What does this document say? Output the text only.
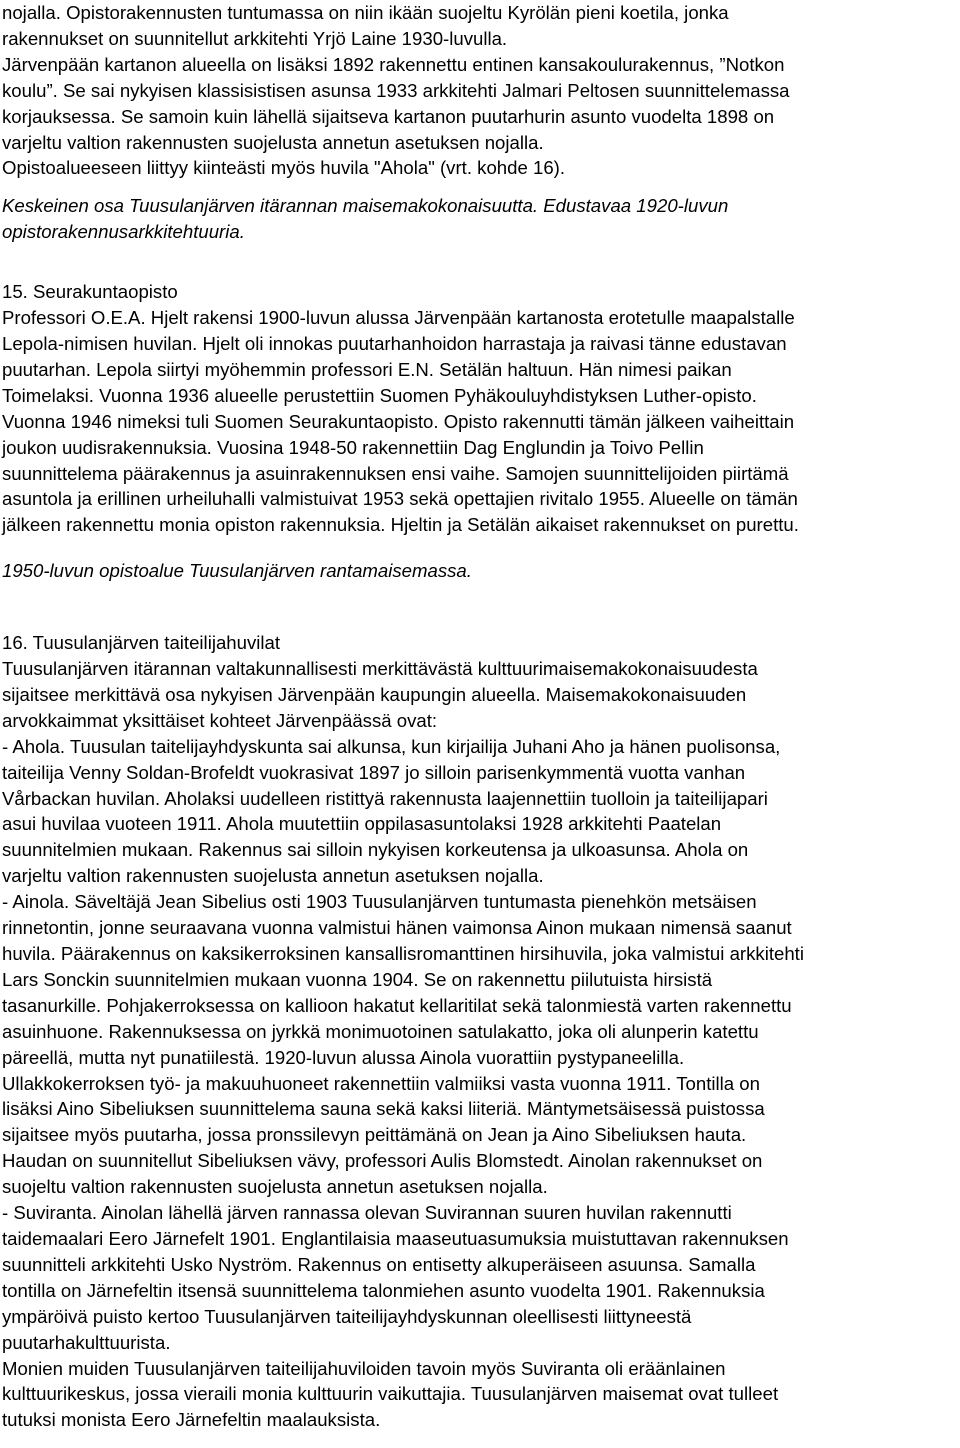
nojalla. Opistorakennusten tuntumassa on niin ikään suojeltu Kyrölän pieni koetila, jonka
rakennukset on suunnitellut arkkitehti Yrjö Laine 1930-luvulla.
Järvenpään kartanon alueella on lisäksi 1892 rakennettu entinen kansakoulurakennus, ”Notkon
koulu”. Se sai nykyisen klassisistisen asunsa 1933 arkkitehti Jalmari Peltosen suunnittelemassa
korjauksessa. Se samoin kuin lähellä sijaitseva kartanon puutarhurin asunto vuodelta 1898 on
varjeltu valtion rakennusten suojelusta annetun asetuksen nojalla.
Opistoalueeseen liittyy kiinteästi myös huvila "Ahola" (vrt. kohde 16).
Keskeinen osa Tuusulanjärven itärannan maisemakokonaisuutta. Edustavaa 1920-luvun
opistorakennusarkkitehtuuria.
15. Seurakuntaopisto
Professori O.E.A. Hjelt rakensi 1900-luvun alussa Järvenpään kartanosta erotetulle maapalstalle
Lepola-nimisen huvilan. Hjelt oli innokas puutarhanhoidon harrastaja ja raivasi tänne edustavan
puutarhan. Lepola siirtyi myöhemmin professori E.N. Setälän haltuun. Hän nimesi paikan
Toimelaksi. Vuonna 1936 alueelle perustettiin Suomen Pyhäkouluyhdistyksen Luther-opisto.
Vuonna 1946 nimeksi tuli Suomen Seurakuntaopisto. Opisto rakennutti tämän jälkeen vaiheittain
joukon uudisrakennuksia. Vuosina 1948-50 rakennettiin Dag Englundin ja Toivo Pellin
suunnittelema päärakennus ja asuinrakennuksen ensi vaihe. Samojen suunnittelijoiden piirtämä
asuntola ja erillinen urheiluhalli valmistuivat 1953 sekä opettajien rivitalo 1955. Alueelle on tämän
jälkeen rakennettu monia opiston rakennuksia. Hjeltin ja Setälän aikaiset rakennukset on purettu.
1950-luvun opistoalue Tuusulanjärven rantamaisemassa.
16. Tuusulanjärven taiteilijahuvilat
Tuusulanjärven itärannan valtakunnallisesti merkittävästä kulttuurimaisemakokonaisuudesta
sijaitsee merkittävä osa nykyisen Järvenpään kaupungin alueella. Maisemakokonaisuuden
arvokkaimmat yksittäiset kohteet Järvenpäässä ovat:
- Ahola. Tuusulan taitelijayhdyskunta sai alkunsa, kun kirjailija Juhani Aho ja hänen puolisonsa,
taiteilija Venny Soldan-Brofeldt vuokrasivat 1897 jo silloin parisenkymmentä vuotta vanhan
Vårbackan huvilan. Aholaksi uudelleen ristittyä rakennusta laajennettiin tuolloin ja taiteilijapari
asui huvilaa vuoteen 1911. Ahola muutettiin oppilasasuntolaksi 1928 arkkitehti Paatelan
suunnitelmien mukaan. Rakennus sai silloin nykyisen korkeutensa ja ulkoasunsa. Ahola on
varjeltu valtion rakennusten suojelusta annetun asetuksen nojalla.
- Ainola. Säveltäjä Jean Sibelius osti 1903 Tuusulanjärven tuntumasta pienehkön metsäisen
rinnetontin, jonne seuraavana vuonna valmistui hänen vaimonsa Ainon mukaan nimensä saanut
huvila. Päärakennus on kaksikerroksinen kansallisromanttinen hirsihuvila, joka valmistui arkkitehti
Lars Sonckin suunnitelmien mukaan vuonna 1904. Se on rakennettu piilutuista hirsistä
tasanurkille. Pohjakerroksessa on kallioon hakatut kellaritilat sekä talonmiestä varten rakennettu
asuinhuone. Rakennuksessa on jyrkkä monimuotoinen satulakatto, joka oli alunperin katettu
päreellä, mutta nyt punatiilestä. 1920-luvun alussa Ainola vuorattiin pystypaneelilla.
Ullakkokerroksen työ- ja makuuhuoneet rakennettiin valmiiksi vasta vuonna 1911. Tontilla on
lisäksi Aino Sibeliuksen suunnittelema sauna sekä kaksi liiteriä. Mäntymetsäisessä puistossa
sijaitsee myös puutarha, jossa pronssilevyn peittämänä on Jean ja Aino Sibeliuksen hauta.
Haudan on suunnitellut Sibeliuksen vävy, professori Aulis Blomstedt. Ainolan rakennukset on
suojeltu valtion rakennusten suojelusta annetun asetuksen nojalla.
- Suviranta. Ainolan lähellä järven rannassa olevan Suvirannan suuren huvilan rakennutti
taidemaalari Eero Järnefelt 1901. Englantilaisia maaseutuasumuksia muistuttavan rakennuksen
suunnitteli arkkitehti Usko Nyström. Rakennus on entisetty alkuperäiseen asuunsa. Samalla
tontilla on Järnefeltin itsensä suunnittelema talonmiehen asunto vuodelta 1901. Rakennuksia
ympäröivä puisto kertoo Tuusulanjärven taiteilijayhdyskunnan oleellisesti liittyneestä
puutarhakulttuurista.
Monien muiden Tuusulanjärven taiteilijahuviloiden tavoin myös Suviranta oli eräänlainen
kulttuurikeskus, jossa vieraili monia kulttuurin vaikuttajia. Tuusulanjärven maisemat ovat tulleet
tutuksi monista Eero Järnefeltin maalauksista.
